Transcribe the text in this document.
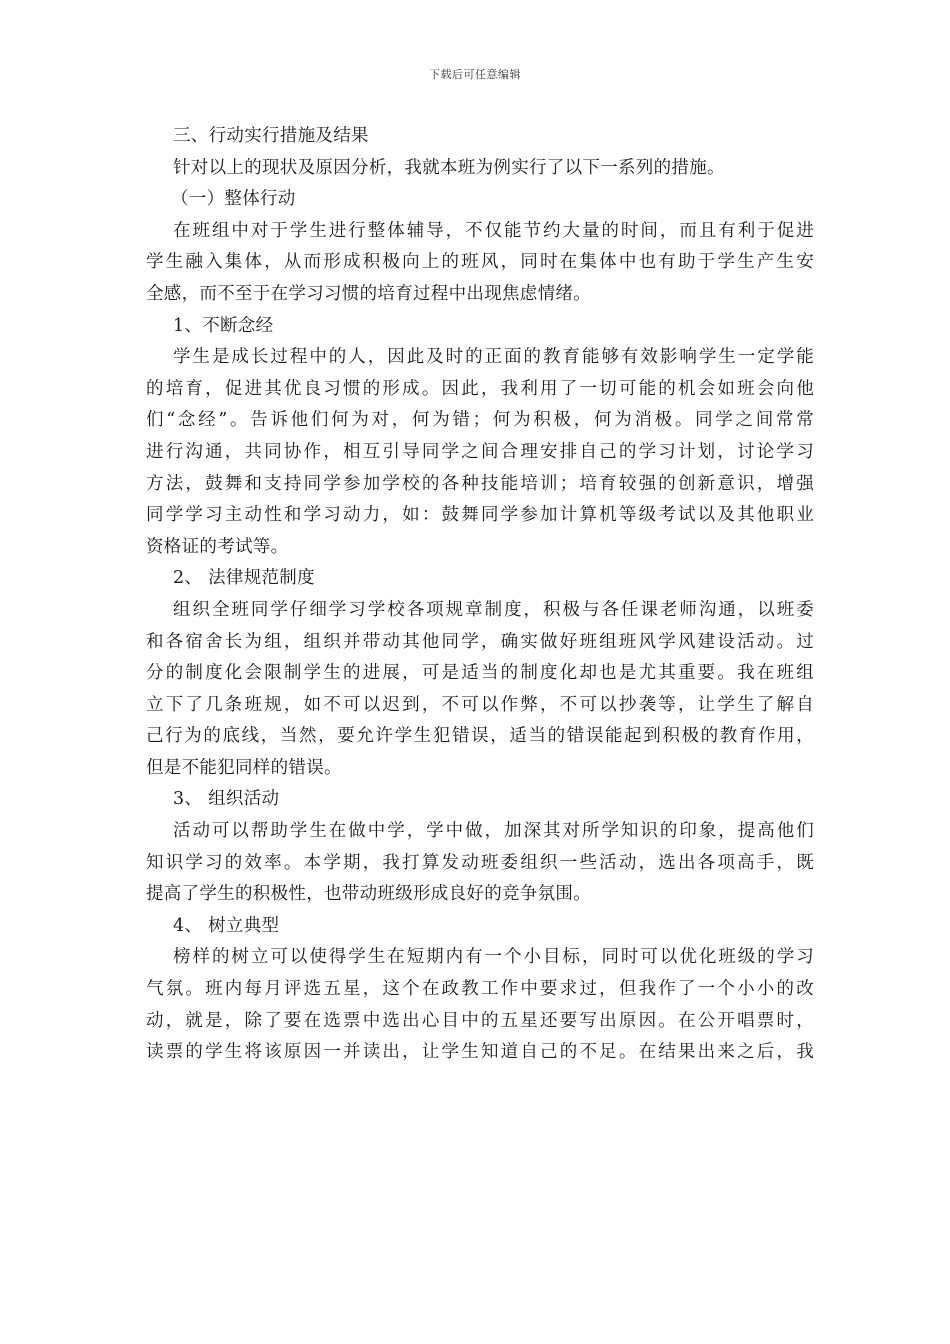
下载后可任意编辑
三、行动实行措施及结果
针对以上的现状及原因分析，我就本班为例实行了以下一系列的措施。
（一）整体行动
在班组中对于学生进行整体辅导，不仅能节约大量的时间，而且有利于促进
学生融入集体，从而形成积极向上的班风，同时在集体中也有助于学生产生安
全感，而不至于在学习习惯的培育过程中出现焦虑情绪。
1、不断念经
学生是成长过程中的人，因此及时的正面的教育能够有效影响学生一定学能
的培育，促进其优良习惯的形成。因此，我利用了一切可能的机会如班会向他
们“念经”。告诉他们何为对，何为错；何为积极，何为消极。同学之间常常
进行沟通，共同协作，相互引导同学之间合理安排自己的学习计划，讨论学习
方法，鼓舞和支持同学参加学校的各种技能培训；培育较强的创新意识，增强
同学学习主动性和学习动力，如：鼓舞同学参加计算机等级考试以及其他职业
资格证的考试等。
2、 法律规范制度
组织全班同学仔细学习学校各项规章制度，积极与各任课老师沟通，以班委
和各宿舍长为组，组织并带动其他同学，确实做好班组班风学风建设活动。过
分的制度化会限制学生的进展，可是适当的制度化却也是尤其重要。我在班组
立下了几条班规，如不可以迟到，不可以作弊，不可以抄袭等，让学生了解自
己行为的底线，当然，要允许学生犯错误，适当的错误能起到积极的教育作用，
但是不能犯同样的错误。
3、 组织活动
活动可以帮助学生在做中学，学中做，加深其对所学知识的印象，提高他们
知识学习的效率。本学期，我打算发动班委组织一些活动，选出各项高手，既
提高了学生的积极性，也带动班级形成良好的竞争氛围。
4、 树立典型
榜样的树立可以使得学生在短期内有一个小目标，同时可以优化班级的学习
气氛。班内每月评选五星，这个在政教工作中要求过，但我作了一个小小的改
动，就是，除了要在选票中选出心目中的五星还要写出原因。在公开唱票时，
读票的学生将该原因一并读出，让学生知道自己的不足。在结果出来之后，我
